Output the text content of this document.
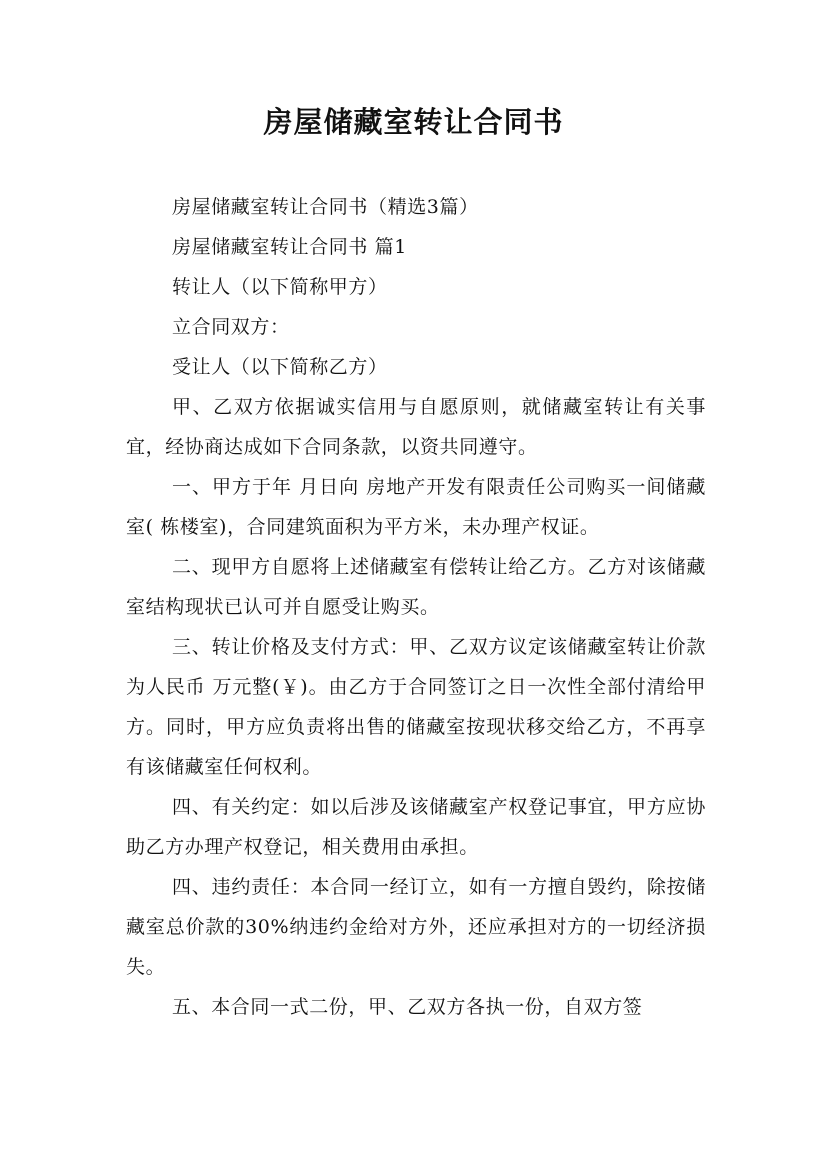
房屋储藏室转让合同书

房屋储藏室转让合同书（精选3篇）

房屋储藏室转让合同书 篇1

转让人（以下简称甲方）

立合同双方：

受让人（以下简称乙方）

甲、乙双方依据诚实信用与自愿原则，就储藏室转让有关事宜，经协商达成如下合同条款，以资共同遵守。

一、甲方于年 月日向 房地产开发有限责任公司购买一间储藏室( 栋楼室)，合同建筑面积为平方米，未办理产权证。

二、现甲方自愿将上述储藏室有偿转让给乙方。乙方对该储藏室结构现状已认可并自愿受让购买。

三、转让价格及支付方式：甲、乙双方议定该储藏室转让价款为人民币 万元整(￥)。由乙方于合同签订之日一次性全部付清给甲方。同时，甲方应负责将出售的储藏室按现状移交给乙方，不再享有该储藏室任何权利。

四、有关约定：如以后涉及该储藏室产权登记事宜，甲方应协助乙方办理产权登记，相关费用由承担。

四、违约责任：本合同一经订立，如有一方擅自毁约，除按储藏室总价款的30%纳违约金给对方外，还应承担对方的一切经济损失。

五、本合同一式二份，甲、乙双方各执一份，自双方签
